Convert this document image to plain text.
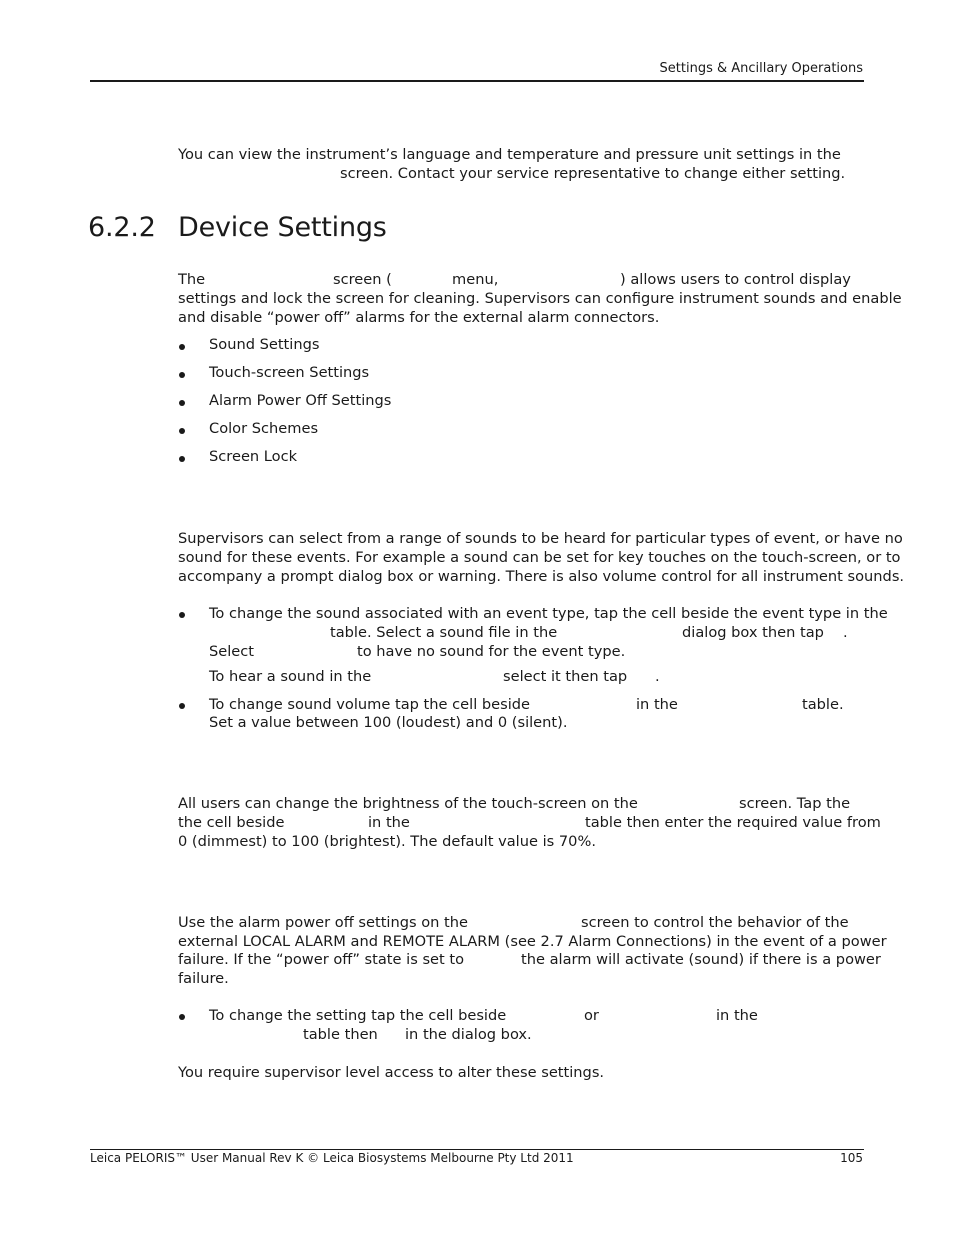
Settings & Ancillary Operations
You can view the instrument’s language and temperature and pressure unit settings in the
screen. Contact your service representative to change either setting.
6.2.2 Device Settings
The	screen (	menu,	) allows users to control display
settings and lock the screen for cleaning. Supervisors can configure instrument sounds and enable
and disable “power off” alarms for the external alarm connectors.
Sound Settings
Touch-screen Settings
Alarm Power Off Settings
Color Schemes
Screen Lock
Supervisors can select from a range of sounds to be heard for particular types of event, or have no
sound for these events. For example a sound can be set for key touches on the touch-screen, or to
accompany a prompt dialog box or warning. There is also volume control for all instrument sounds.
To change the sound associated with an event type, tap the cell beside the event type in the
table. Select a sound file in the	dialog box then tap .
Select	to have no sound for the event type.
To hear a sound in the	select it then tap .
To change sound volume tap the cell beside	in the	table.
Set a value between 100 (loudest) and 0 (silent).
All users can change the brightness of the touch-screen on the	screen. Tap the
the cell beside	in the	table then enter the required value from
0 (dimmest) to 100 (brightest). The default value is 70%.
Use the alarm power off settings on the	screen to control the behavior of the
external LOCAL ALARM and REMOTE ALARM (see 2.7 Alarm Connections) in the event of a power
failure. If the “power off” state is set to	the alarm will activate (sound) if there is a power
failure.
To change the setting tap the cell beside	or	in the
table then in the dialog box.
You require supervisor level access to alter these settings.
Leica PELORIS™ User Manual Rev K © Leica Biosystems Melbourne Pty Ltd 2011	105
